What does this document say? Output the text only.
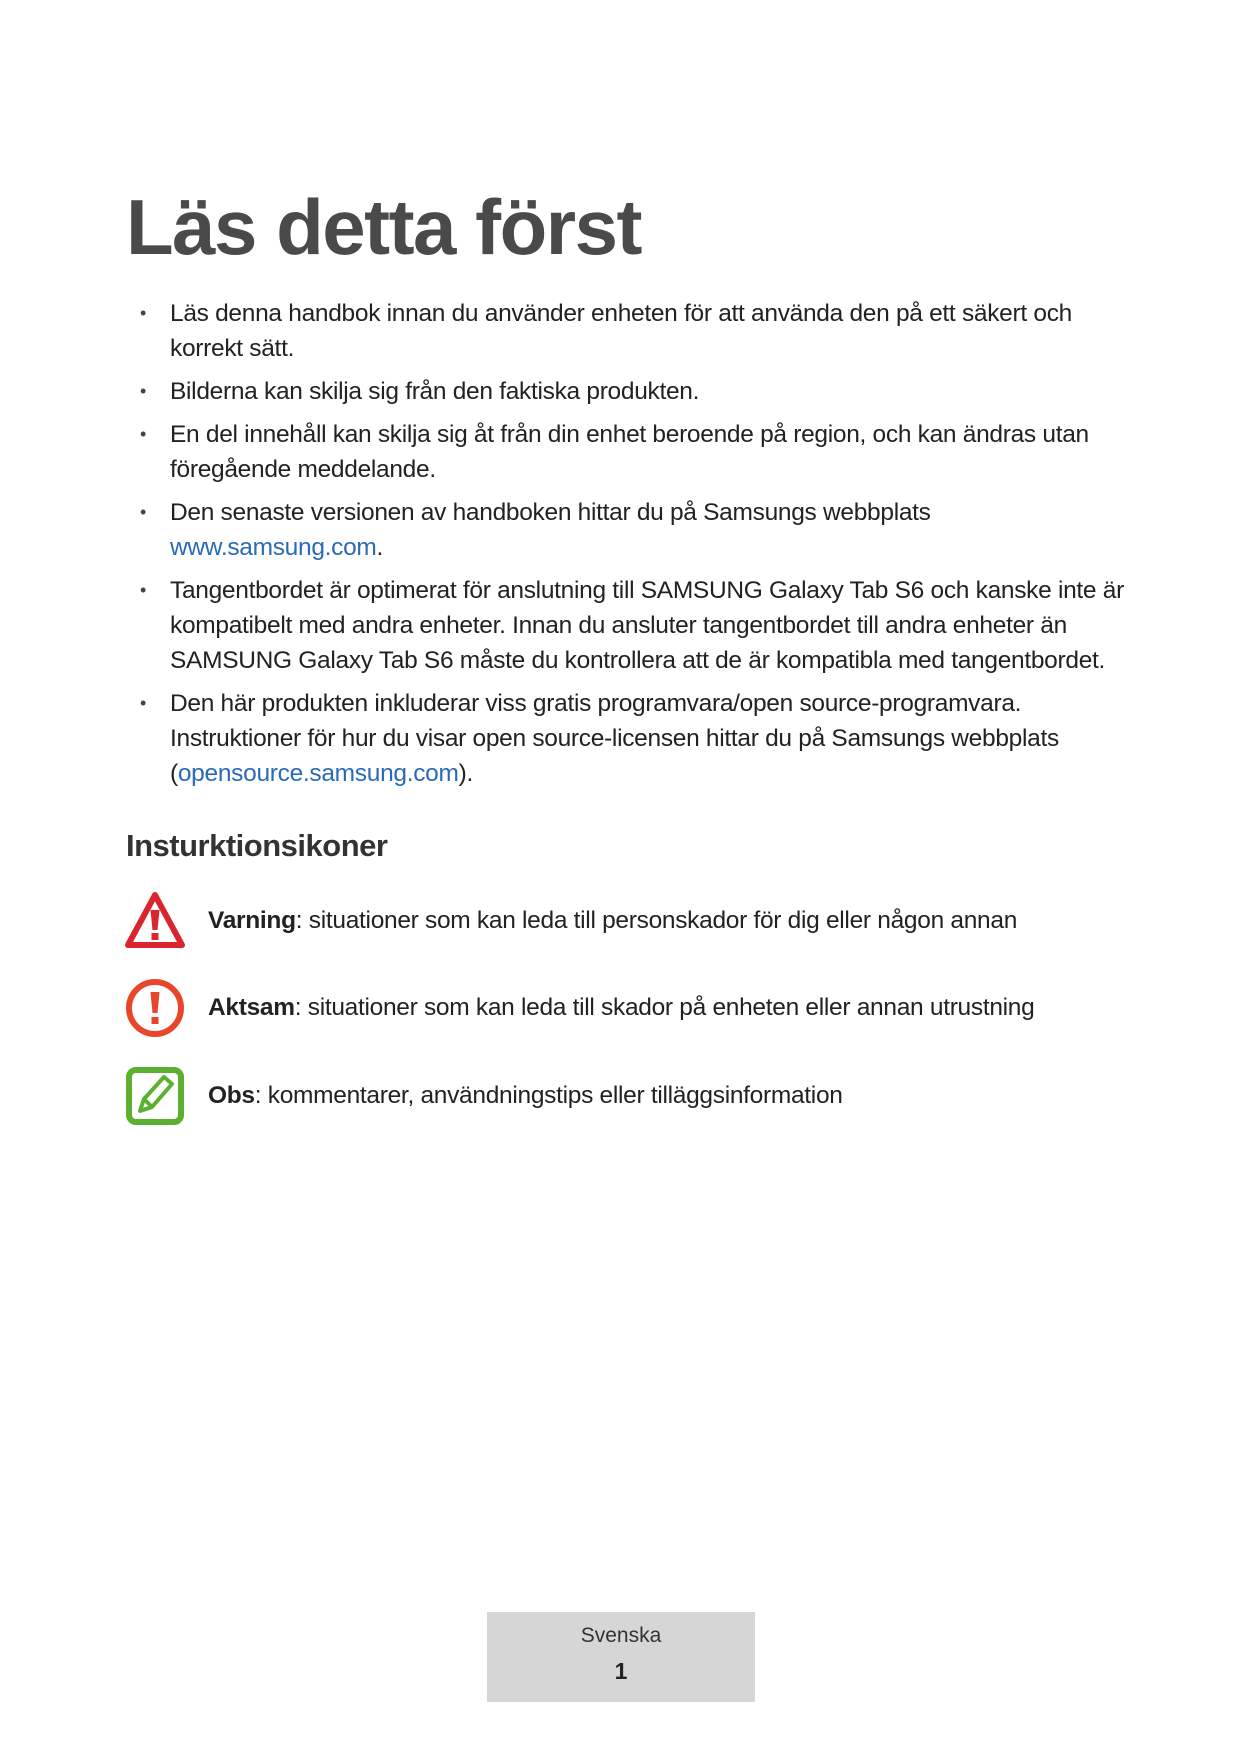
Läs detta först
• Läs denna handbok innan du använder enheten för att använda den på ett säkert och korrekt sätt.
• Bilderna kan skilja sig från den faktiska produkten.
• En del innehåll kan skilja sig åt från din enhet beroende på region, och kan ändras utan föregående meddelande.
• Den senaste versionen av handboken hittar du på Samsungs webbplats www.samsung.com.
• Tangentbordet är optimerat för anslutning till SAMSUNG Galaxy Tab S6 och kanske inte är kompatibelt med andra enheter. Innan du ansluter tangentbordet till andra enheter än SAMSUNG Galaxy Tab S6 måste du kontrollera att de är kompatibla med tangentbordet.
• Den här produkten inkluderar viss gratis programvara/open source-programvara. Instruktioner för hur du visar open source-licensen hittar du på Samsungs webbplats (opensource.samsung.com).
Insturktionsikoner
Varning: situationer som kan leda till personskador för dig eller någon annan
Aktsam: situationer som kan leda till skador på enheten eller annan utrustning
Obs: kommentarer, användningstips eller tilläggsinformation
Svenska
1
